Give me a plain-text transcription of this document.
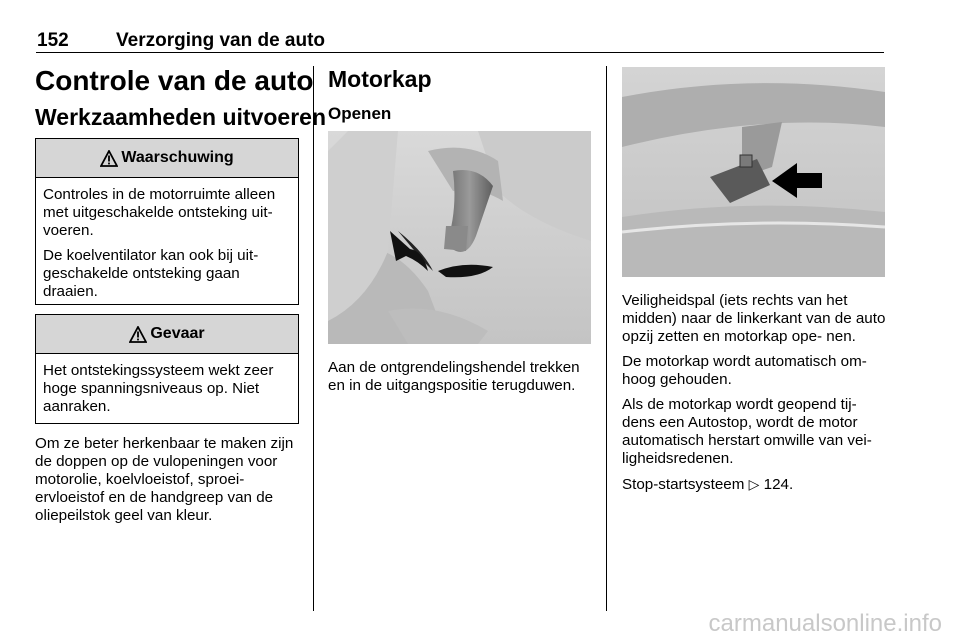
152 Verzorging van de auto
Controle van de auto
Werkzaamheden uitvoeren
Waarschuwing

Controles in de motorruimte alleen met uitgeschakelde ontsteking uit- voeren.

De koelventilator kan ook bij uit- geschakelde ontsteking gaan draaien.

Gevaar

Het ontstekingssysteem wekt zeer hoge spanningsniveaus op. Niet aanraken.

Om ze beter herkenbaar te maken zijn de doppen op de vulopeningen voor motorolie, koelvloeistof, sproei- ervloeistof en de handgreep van de oliepeilstok geel van kleur.

Motorkap
Openen

Aan de ontgrendelingshendel trekken en in de uitgangspositie terugduwen.

Veiligheidspal (iets rechts van het midden) naar de linkerkant van de auto opzij zetten en motorkap ope- nen.

De motorkap wordt automatisch om- hoog gehouden.

Als de motorkap wordt geopend tij- dens een Autostop, wordt de motor automatisch herstart omwille van vei- ligheidsredenen.

Stop-startsysteem ▷ 124.

carmanualsonline.info
